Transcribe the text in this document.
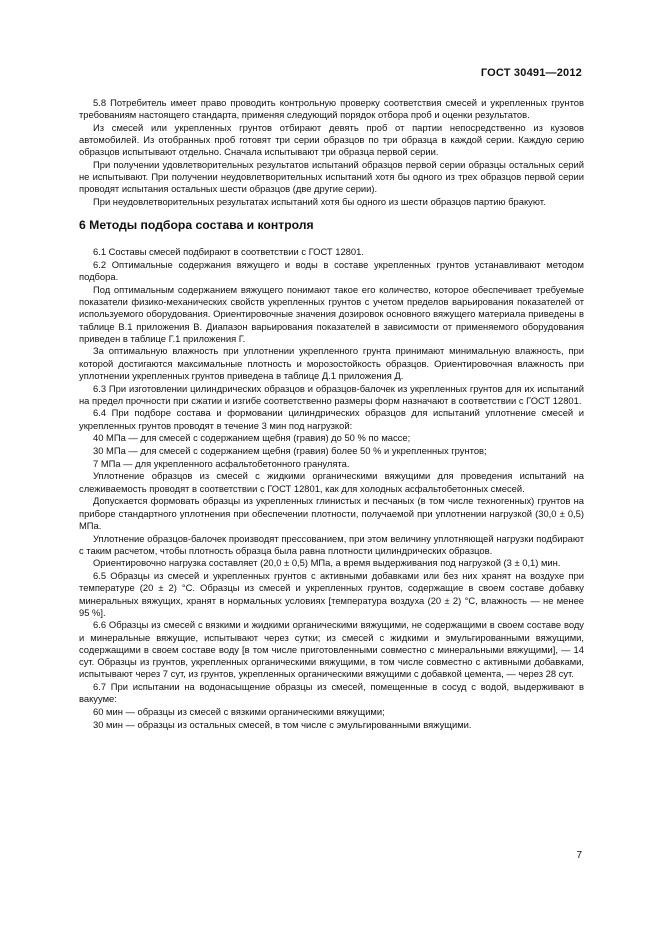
ГОСТ 30491—2012

5.8 Потребитель имеет право проводить контрольную проверку соответствия смесей и укрепленных грунтов требованиям настоящего стандарта, применяя следующий порядок отбора проб и оценки результатов.

Из смесей или укрепленных грунтов отбирают девять проб от партии непосредственно из кузовов автомобилей. Из отобранных проб готовят три серии образцов по три образца в каждой серии. Каждую серию образцов испытывают отдельно. Сначала испытывают три образца первой серии.

При получении удовлетворительных результатов испытаний образцов первой серии образцы остальных серий не испытывают. При получении неудовлетворительных испытаний хотя бы одного из трех образцов первой серии проводят испытания остальных шести образцов (две другие серии).

При неудовлетворительных результатах испытаний хотя бы одного из шести образцов партию бракуют.

6 Методы подбора состава и контроля

6.1 Составы смесей подбирают в соответствии с ГОСТ 12801.

6.2 Оптимальные содержания вяжущего и воды в составе укрепленных грунтов устанавливают методом подбора.

Под оптимальным содержанием вяжущего понимают такое его количество, которое обеспечивает требуемые показатели физико-механических свойств укрепленных грунтов с учетом пределов варьирования показателей от используемого оборудования. Ориентировочные значения дозировок основного вяжущего материала приведены в таблице В.1 приложения В. Диапазон варьирования показателей в зависимости от применяемого оборудования приведен в таблице Г.1 приложения Г.

За оптимальную влажность при уплотнении укрепленного грунта принимают минимальную влажность, при которой достигаются максимальные плотность и морозостойкость образцов. Ориентировочная влажность при уплотнении укрепленных грунтов приведена в таблице Д.1 приложения Д.

6.3 При изготовлении цилиндрических образцов и образцов-балочек из укрепленных грунтов для их испытаний на предел прочности при сжатии и изгибе соответственно размеры форм назначают в соответствии с ГОСТ 12801.

6.4 При подборе состава и формовании цилиндрических образцов для испытаний уплотнение смесей и укрепленных грунтов проводят в течение 3 мин под нагрузкой:

40 МПа — для смесей с содержанием щебня (гравия) до 50 % по массе;

30 МПа — для смесей с содержанием щебня (гравия) более 50 % и укрепленных грунтов;

7 МПа — для укрепленного асфальтобетонного гранулята.

Уплотнение образцов из смесей с жидкими органическими вяжущими для проведения испытаний на слеживаемость проводят в соответствии с ГОСТ 12801, как для холодных асфальтобетонных смесей.

Допускается формовать образцы из укрепленных глинистых и песчаных (в том числе техногенных) грунтов на приборе стандартного уплотнения при обеспечении плотности, получаемой при уплотнении нагрузкой (30,0 ± 0,5) МПа.

Уплотнение образцов-балочек производят прессованием, при этом величину уплотняющей нагрузки подбирают с таким расчетом, чтобы плотность образца была равна плотности цилиндрических образцов.

Ориентировочно нагрузка составляет (20,0 ± 0,5) МПа, а время выдерживания под нагрузкой (3 ± 0,1) мин.

6.5 Образцы из смесей и укрепленных грунтов с активными добавками или без них хранят на воздухе при температуре (20 ± 2) °С. Образцы из смесей и укрепленных грунтов, содержащие в своем составе добавку минеральных вяжущих, хранят в нормальных условиях [температура воздуха (20 ± 2) °С, влажность — не менее 95 %].

6.6 Образцы из смесей с вязкими и жидкими органическими вяжущими, не содержащими в своем составе воду и минеральные вяжущие, испытывают через сутки; из смесей с жидкими и эмульгированными вяжущими, содержащими в своем составе воду [в том числе приготовленными совместно с минеральными вяжущими], — 14 сут. Образцы из грунтов, укрепленных органическими вяжущими, в том числе совместно с активными добавками, испытывают через 7 сут, из грунтов, укрепленных органическими вяжущими с добавкой цемента, — через 28 сут.

6.7 При испытании на водонасыщение образцы из смесей, помещенные в сосуд с водой, выдерживают в вакууме:

60 мин — образцы из смесей с вязкими органическими вяжущими;

30 мин — образцы из остальных смесей, в том числе с эмульгированными вяжущими.

7
